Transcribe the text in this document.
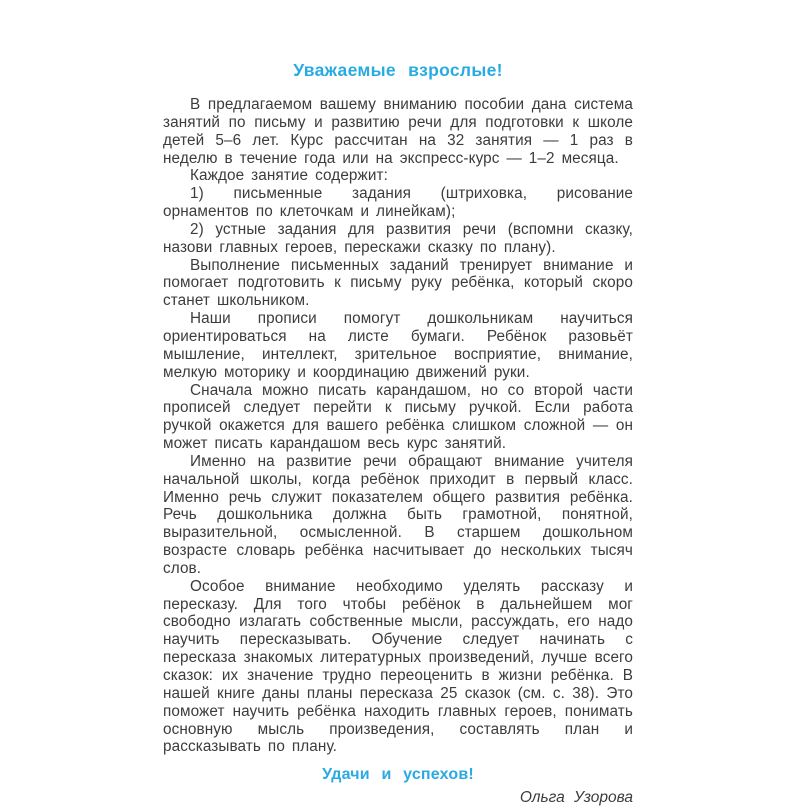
Уважаемые взрослые!

В предлагаемом вашему вниманию пособии дана система занятий по письму и развитию речи для подготовки к школе детей 5–6 лет. Курс рассчитан на 32 занятия — 1 раз в неделю в течение года или на экспресс-курс — 1–2 месяца.

Каждое занятие содержит:

1) письменные задания (штриховка, рисование орнаментов по клеточкам и линейкам);

2) устные задания для развития речи (вспомни сказку, назови главных героев, перескажи сказку по плану).

Выполнение письменных заданий тренирует внимание и помогает подготовить к письму руку ребёнка, который скоро станет школьником.

Наши прописи помогут дошкольникам научиться ориентироваться на листе бумаги. Ребёнок разовьёт мышление, интеллект, зрительное восприятие, внимание, мелкую моторику и координацию движений руки.

Сначала можно писать карандашом, но со второй части прописей следует перейти к письму ручкой. Если работа ручкой окажется для вашего ребёнка слишком сложной — он может писать карандашом весь курс занятий.

Именно на развитие речи обращают внимание учителя начальной школы, когда ребёнок приходит в первый класс. Именно речь служит показателем общего развития ребёнка. Речь дошкольника должна быть грамотной, понятной, выразительной, осмысленной. В старшем дошкольном возрасте словарь ребёнка насчитывает до нескольких тысяч слов.

Особое внимание необходимо уделять рассказу и пересказу. Для того чтобы ребёнок в дальнейшем мог свободно излагать собственные мысли, рассуждать, его надо научить пересказывать. Обучение следует начинать с пересказа знакомых литературных произведений, лучше всего сказок: их значение трудно переоценить в жизни ребёнка. В нашей книге даны планы пересказа 25 сказок (см. с. 38). Это поможет научить ребёнка находить главных героев, понимать основную мысль произведения, составлять план и рассказывать по плану.

Удачи и успехов!

Ольга Узорова
